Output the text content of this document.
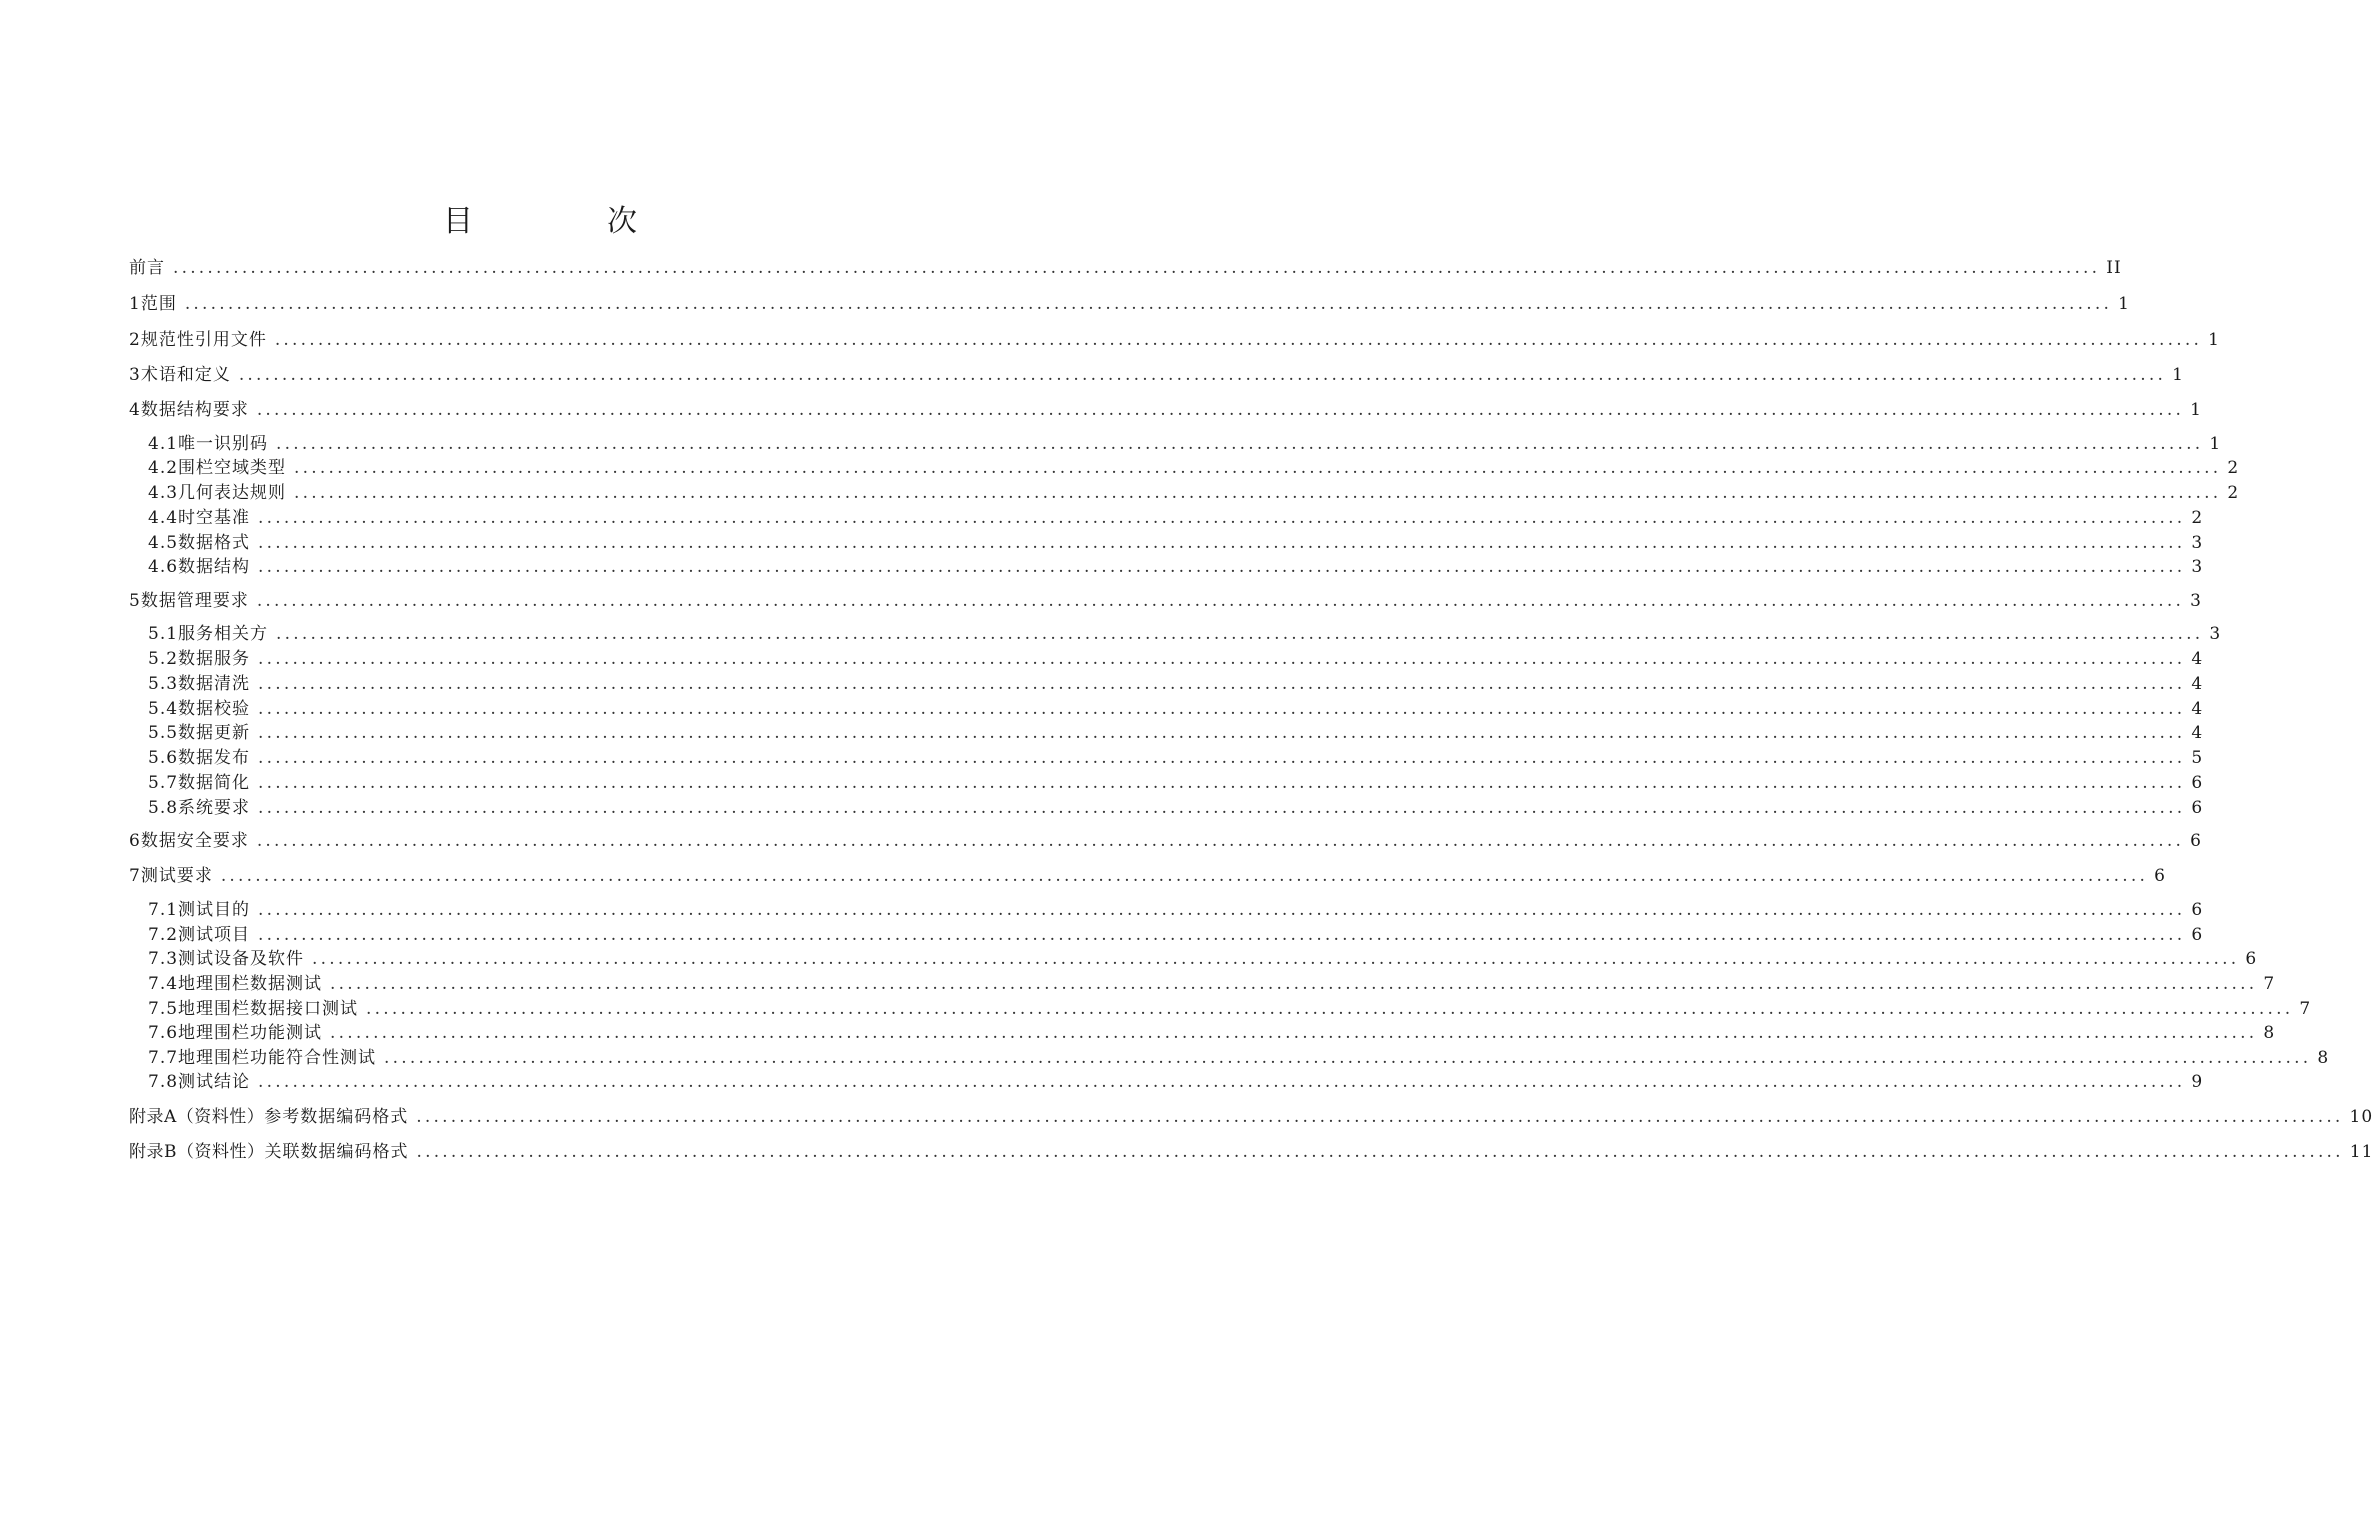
目　次
前言 ................................................................................................................................................................................................................................ II
1 范围 ................................................................................................................................................................................................................................ 1
2 规范性引用文件 ................................................................................................................................................................................................................................ 1
3 术语和定义 ................................................................................................................................................................................................................................ 1
4 数据结构要求 ................................................................................................................................................................................................................................ 1
4.1 唯一识别码 ................................................................................................................................................................................................................................ 1
4.2 围栏空域类型 ................................................................................................................................................................................................................................ 2
4.3 几何表达规则 ................................................................................................................................................................................................................................ 2
4.4 时空基准 ................................................................................................................................................................................................................................ 2
4.5 数据格式 ................................................................................................................................................................................................................................ 3
4.6 数据结构 ................................................................................................................................................................................................................................ 3
5 数据管理要求 ................................................................................................................................................................................................................................ 3
5.1 服务相关方 ................................................................................................................................................................................................................................ 3
5.2 数据服务 ................................................................................................................................................................................................................................ 4
5.3 数据清洗 ................................................................................................................................................................................................................................ 4
5.4 数据校验 ................................................................................................................................................................................................................................ 4
5.5 数据更新 ................................................................................................................................................................................................................................ 4
5.6 数据发布 ................................................................................................................................................................................................................................ 5
5.7 数据简化 ................................................................................................................................................................................................................................ 6
5.8 系统要求 ................................................................................................................................................................................................................................ 6
6 数据安全要求 ................................................................................................................................................................................................................................ 6
7 测试要求 ................................................................................................................................................................................................................................ 6
7.1 测试目的 ................................................................................................................................................................................................................................ 6
7.2 测试项目 ................................................................................................................................................................................................................................ 6
7.3 测试设备及软件 ................................................................................................................................................................................................................................ 6
7.4 地理围栏数据测试 ................................................................................................................................................................................................................................ 7
7.5 地理围栏数据接口测试 ................................................................................................................................................................................................................................ 7
7.6 地理围栏功能测试 ................................................................................................................................................................................................................................ 8
7.7 地理围栏功能符合性测试 ................................................................................................................................................................................................................................ 8
7.8 测试结论 ................................................................................................................................................................................................................................ 9
附录A（资料性） 参考数据编码格式 ................................................................................................................................................................................................................................ 10
附录B（资料性） 关联数据编码格式 ................................................................................................................................................................................................................................ 11
